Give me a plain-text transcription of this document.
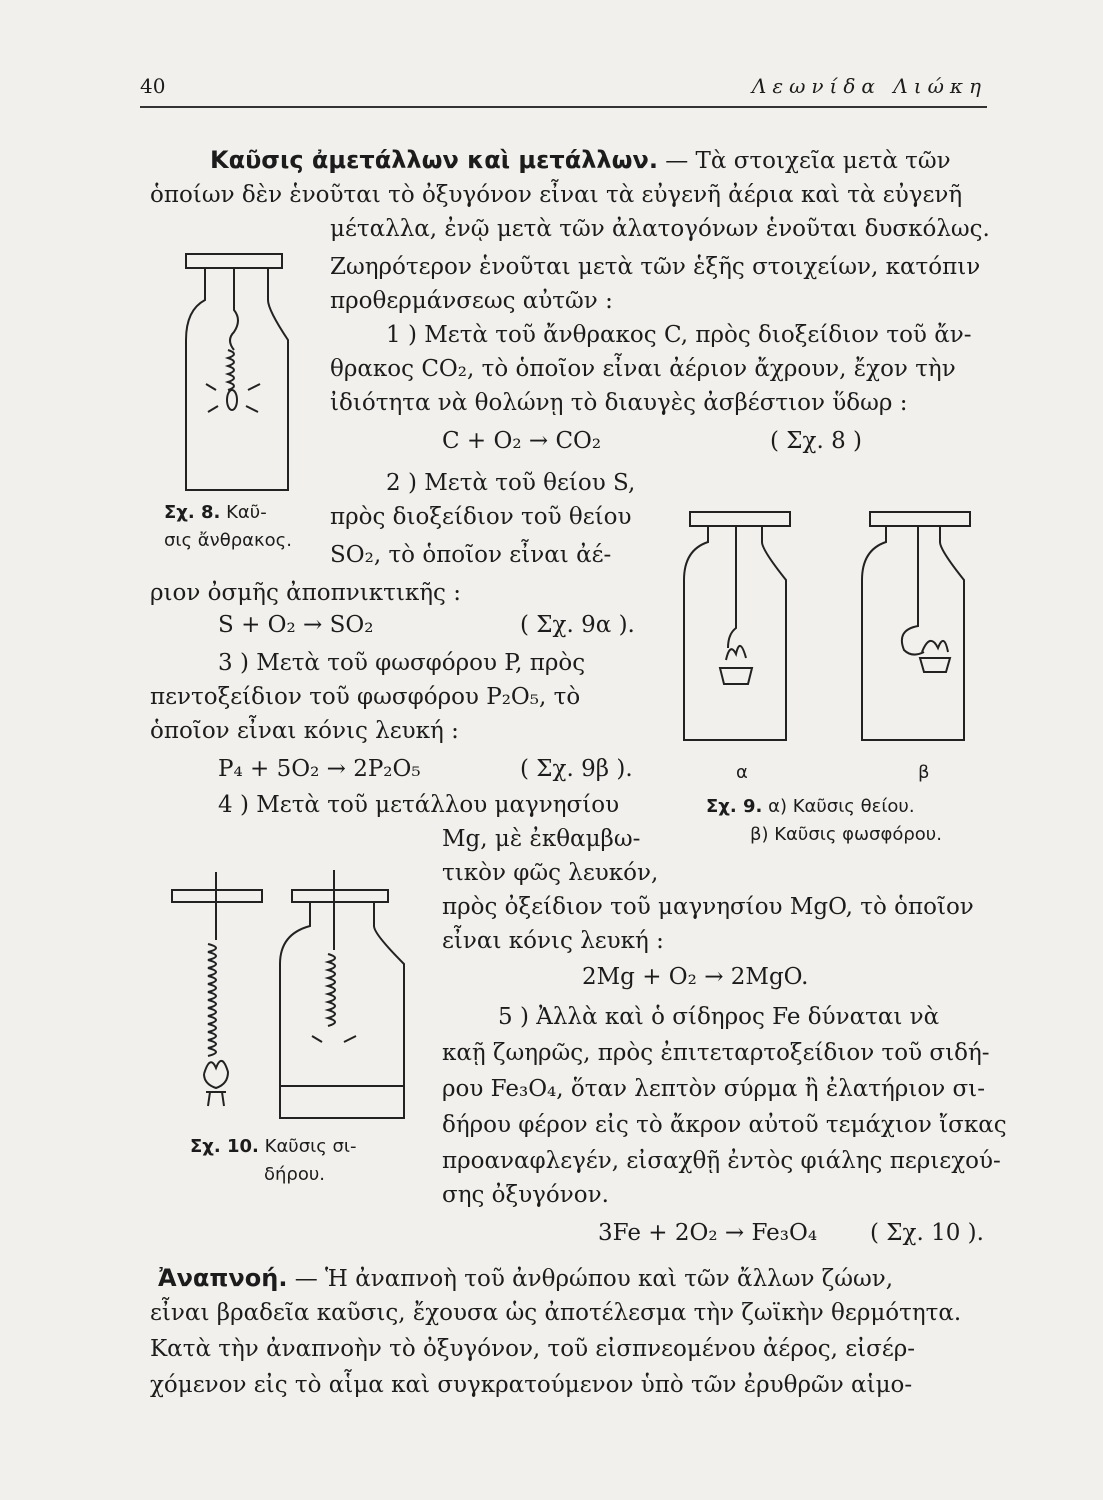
40	Λεωνίδα Λιώκη
Καῦσις ἀμετάλλων καὶ μετάλλων. — Τὰ στοιχεῖα μετὰ τῶν
ὁποίων δὲν ἑνοῦται τὸ ὀξυγόνον εἶναι τὰ εὐγενῆ ἀέρια καὶ τὰ εὐγενῆ
μέταλλα, ἐνῷ μετὰ τῶν ἀλατογόνων ἑνοῦται δυσκόλως.
Ζωηρότερον ἑνοῦται μετὰ τῶν ἑξῆς στοιχείων, κατόπιν
προθερμάνσεως αὐτῶν :
1 ) Μετὰ τοῦ ἄνθρακος C, πρὸς διοξείδιον τοῦ ἄν-
θρακος CO₂, τὸ ὁποῖον εἶναι ἀέριον ἄχρουν, ἔχον τὴν
ἰδιότητα νὰ θολώνῃ τὸ διαυγὲς ἀσβέστιον ὕδωρ :
C + O₂ → CO₂	( Σχ. 8 )
2 ) Μετὰ τοῦ θείου S,
πρὸς διοξείδιον τοῦ θείου
SO₂, τὸ ὁποῖον εἶναι ἀέ-
ριον ὀσμῆς ἀποπνικτικῆς :
S + O₂ → SO₂	( Σχ. 9α ).
3 ) Μετὰ τοῦ φωσφόρου P, πρὸς
πεντοξείδιον τοῦ φωσφόρου P₂O₅, τὸ
ὁποῖον εἶναι κόνις λευκή :
P₄ + 5O₂ → 2P₂O₅	( Σχ. 9β ).
4 ) Μετὰ τοῦ μετάλλου μαγνησίου
Mg, μὲ ἐκθαμβω-
τικὸν φῶς λευκόν,
πρὸς ὀξείδιον τοῦ μαγνησίου MgO, τὸ ὁποῖον
εἶναι κόνις λευκή :
2Mg + O₂ → 2MgO.
5 ) Ἀλλὰ καὶ ὁ σίδηρος Fe δύναται νὰ
καῇ ζωηρῶς, πρὸς ἐπιτεταρτοξείδιον τοῦ σιδή-
ρου Fe₃O₄, ὅταν λεπτὸν σύρμα ἢ ἐλατήριον σι-
δήρου φέρον εἰς τὸ ἄκρον αὐτοῦ τεμάχιον ἴσκας
προαναφλεγέν, εἰσαχθῇ ἐντὸς φιάλης περιεχού-
σης ὀξυγόνον.
3Fe + 2O₂ → Fe₃O₄ ( Σχ. 10 ).
Ἀναπνοή. — Ἡ ἀναπνοὴ τοῦ ἀνθρώπου καὶ τῶν ἄλλων ζώων,
εἶναι βραδεῖα καῦσις, ἔχουσα ὡς ἀποτέλεσμα τὴν ζωϊκὴν θερμότητα.
Κατὰ τὴν ἀναπνοὴν τὸ ὀξυγόνον, τοῦ εἰσπνεομένου ἀέρος, εἰσέρ-
χόμενον εἰς τὸ αἷμα καὶ συγκρατούμενον ὑπὸ τῶν ἐρυθρῶν αἱμο-
Σχ. 8. Καῦ-
σις ἄνθρακος.
α	β
Σχ. 9. α) Καῦσις θείου.
β) Καῦσις φωσφόρου.
Σχ. 10. Καῦσις σι-
δήρου.
